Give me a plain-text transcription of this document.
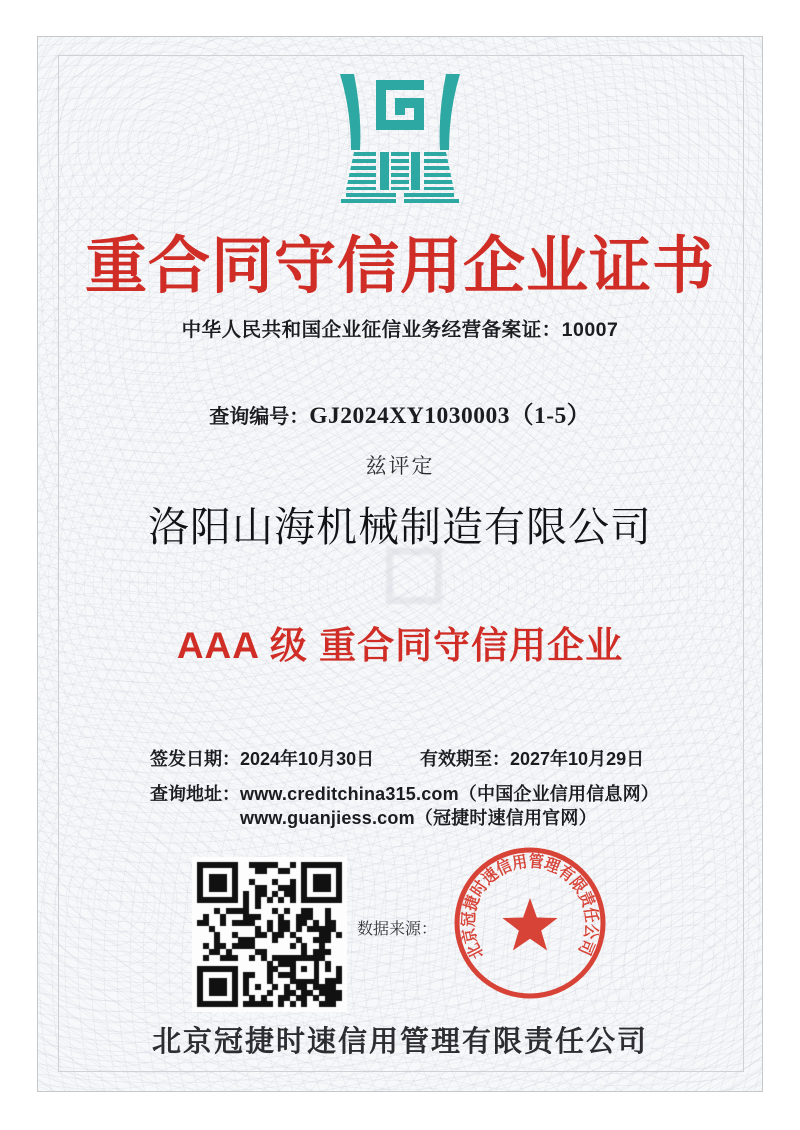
重合同守信用企业证书
中华人民共和国企业征信业务经营备案证：10007
查询编号：GJ2024XY1030003（1-5）
兹评定
洛阳山海机械制造有限公司
AAA 级 重合同守信用企业
签发日期：2024年10月30日	有效期至：2027年10月29日
查询地址： www.creditchina315.com（中国企业信用信息网）
www.guanjiess.com（冠捷时速信用官网）
数据来源：
北京冠捷时速信用管理有限责任公司
北京冠捷时速信用管理有限责任公司
